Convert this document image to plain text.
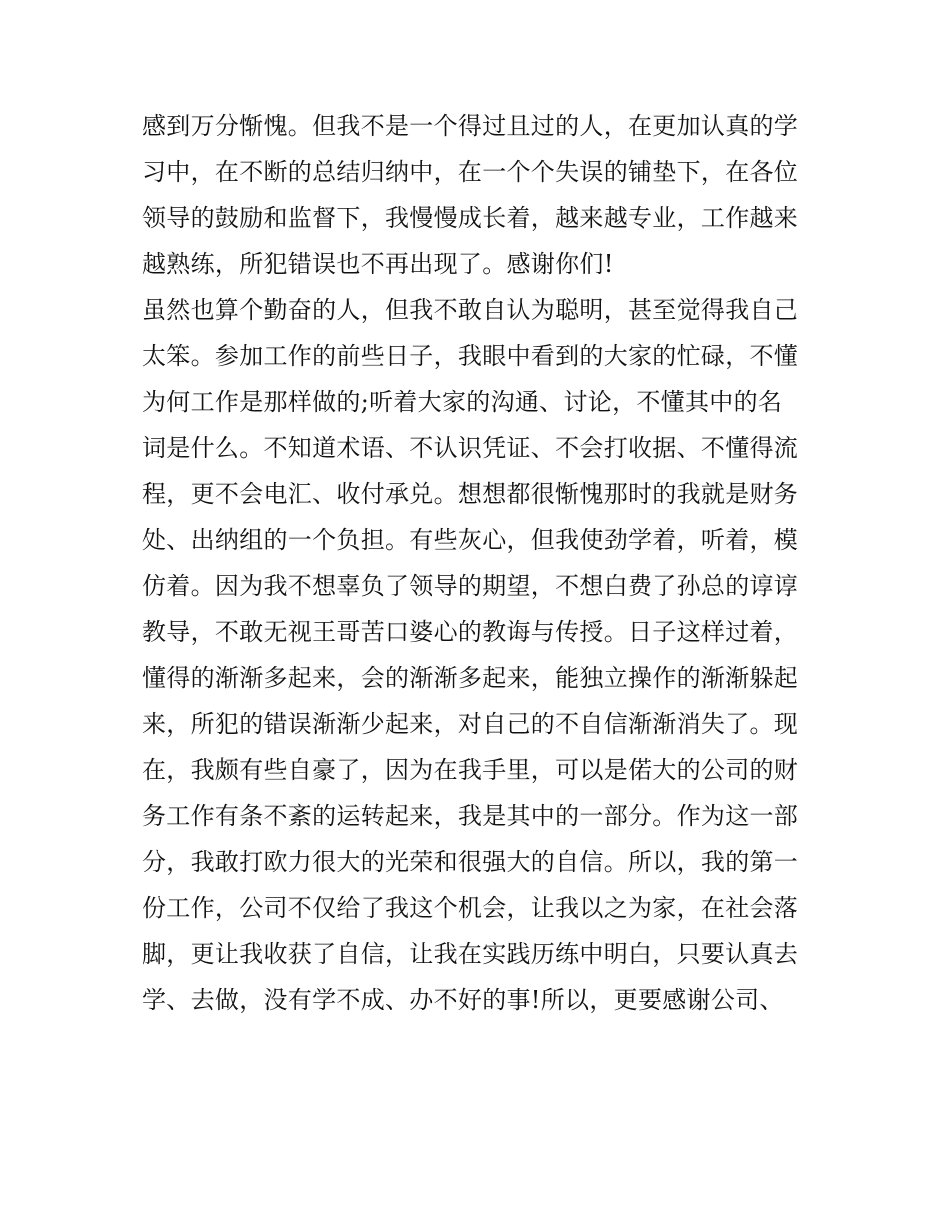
感到万分惭愧。但我不是一个得过且过的人，在更加认真的学
习中，在不断的总结归纳中，在一个个失误的铺垫下，在各位
领导的鼓励和监督下，我慢慢成长着，越来越专业，工作越来
越熟练，所犯错误也不再出现了。感谢你们!
虽然也算个勤奋的人，但我不敢自认为聪明，甚至觉得我自己
太笨。参加工作的前些日子，我眼中看到的大家的忙碌，不懂
为何工作是那样做的;听着大家的沟通、讨论，不懂其中的名
词是什么。不知道术语、不认识凭证、不会打收据、不懂得流
程，更不会电汇、收付承兑。想想都很惭愧那时的我就是财务
处、出纳组的一个负担。有些灰心，但我使劲学着，听着，模
仿着。因为我不想辜负了领导的期望，不想白费了孙总的谆谆
教导，不敢无视王哥苦口婆心的教诲与传授。日子这样过着，
懂得的渐渐多起来，会的渐渐多起来，能独立操作的渐渐躲起
来，所犯的错误渐渐少起来，对自己的不自信渐渐消失了。现
在，我颇有些自豪了，因为在我手里，可以是偌大的公司的财
务工作有条不紊的运转起来，我是其中的一部分。作为这一部
分，我敢打欧力很大的光荣和很强大的自信。所以，我的第一
份工作，公司不仅给了我这个机会，让我以之为家，在社会落
脚，更让我收获了自信，让我在实践历练中明白，只要认真去
学、去做，没有学不成、办不好的事!所以，更要感谢公司、
